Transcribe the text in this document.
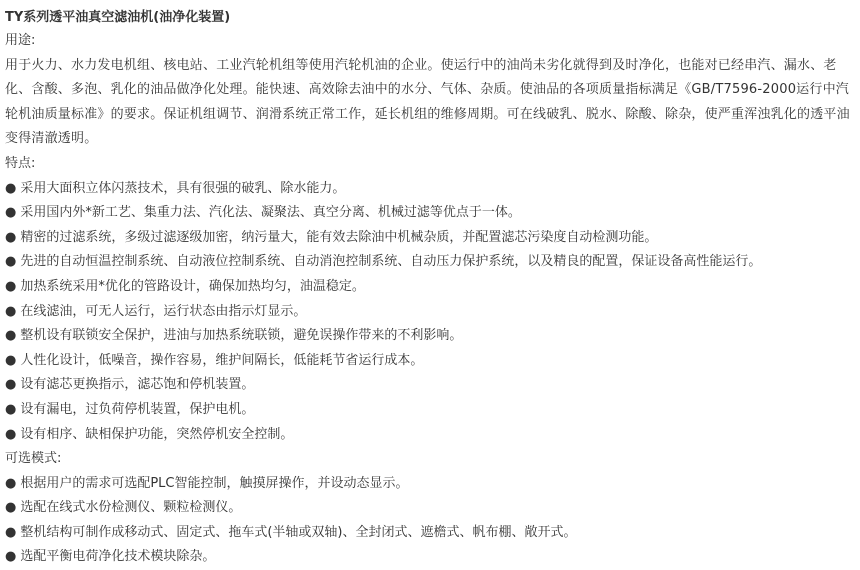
TY系列透平油真空滤油机(油净化装置)

用途:

用于火力、水力发电机组、核电站、工业汽轮机组等使用汽轮机油的企业。使运行中的油尚未劣化就得到及时净化，也能对已经串汽、漏水、老化、含酸、多泡、乳化的油品做净化处理。能快速、高效除去油中的水分、气体、杂质。使油品的各项质量指标满足《GB/T7596-2000运行中汽轮机油质量标准》的要求。保证机组调节、润滑系统正常工作，延长机组的维修周期。可在线破乳、脱水、除酸、除杂，使严重浑浊乳化的透平油变得清澈透明。

特点:

● 采用大面积立体闪蒸技术，具有很强的破乳、除水能力。
● 采用国内外*新工艺、集重力法、汽化法、凝聚法、真空分离、机械过滤等优点于一体。
● 精密的过滤系统，多级过滤逐级加密，纳污量大，能有效去除油中机械杂质，并配置滤芯污染度自动检测功能。
● 先进的自动恒温控制系统、自动液位控制系统、自动消泡控制系统、自动压力保护系统，以及精良的配置，保证设备高性能运行。
● 加热系统采用*优化的管路设计，确保加热均匀，油温稳定。
● 在线滤油，可无人运行，运行状态由指示灯显示。
● 整机设有联锁安全保护，进油与加热系统联锁，避免误操作带来的不利影响。
● 人性化设计，低噪音，操作容易，维护间隔长，低能耗节省运行成本。
● 设有滤芯更换指示，滤芯饱和停机装置。
● 设有漏电，过负荷停机装置，保护电机。
● 设有相序、缺相保护功能，突然停机安全控制。

可选模式:

● 根据用户的需求可选配PLC智能控制，触摸屏操作，并设动态显示。
● 选配在线式水份检测仪、颗粒检测仪。
● 整机结构可制作成移动式、固定式、拖车式(半轴或双轴)、全封闭式、遮檐式、帆布棚、敞开式。
● 选配平衡电荷净化技术模块除杂。
